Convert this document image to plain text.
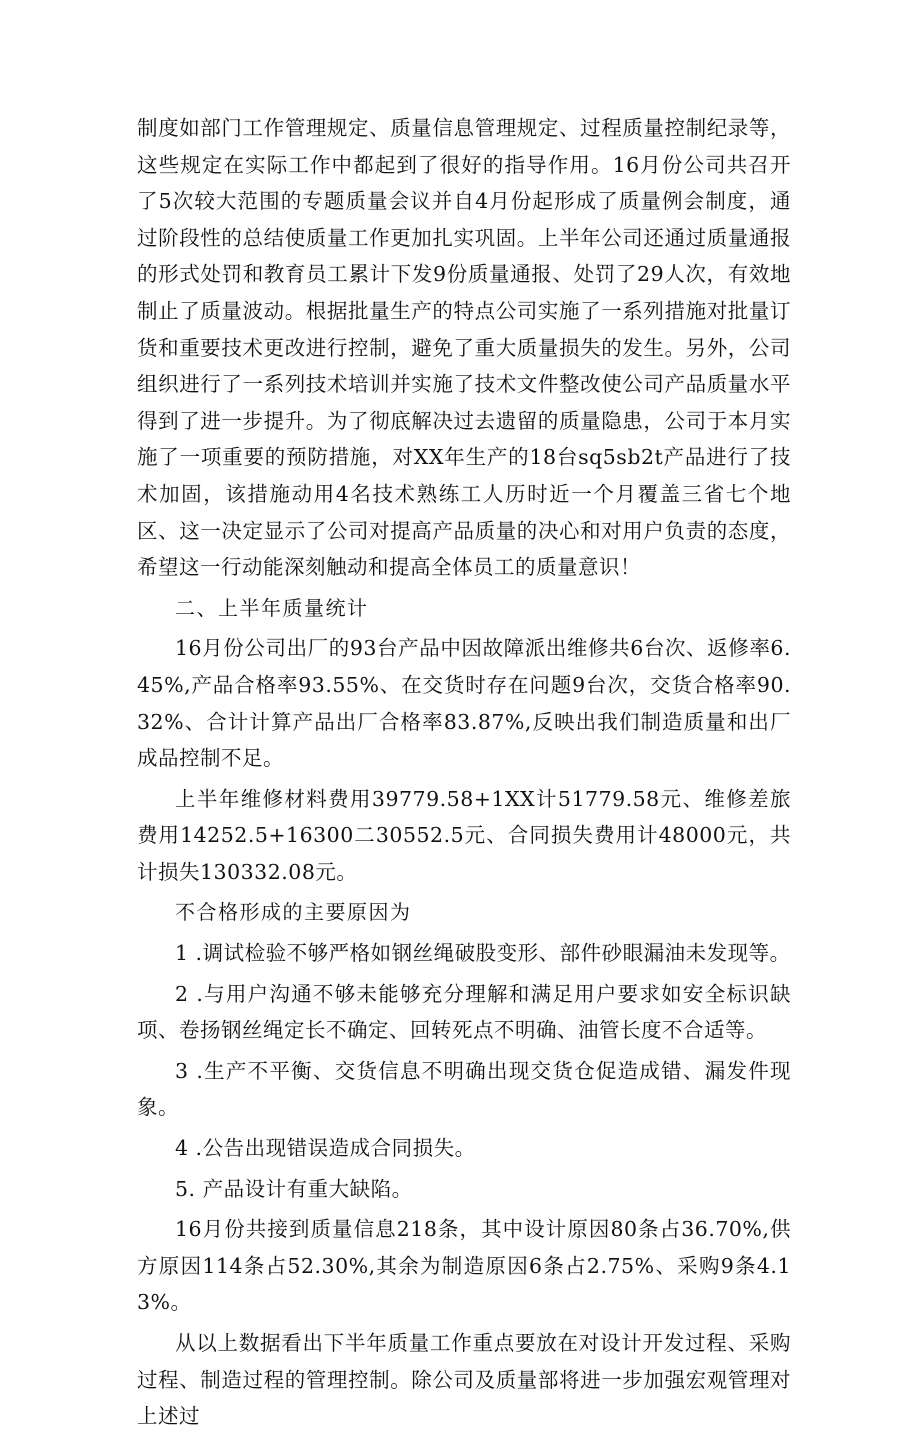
制度如部门工作管理规定、质量信息管理规定、过程质量控制纪录等，这些规定在实际工作中都起到了很好的指导作用。16月份公司共召开了5次较大范围的专题质量会议并自4月份起形成了质量例会制度，通过阶段性的总结使质量工作更加扎实巩固。上半年公司还通过质量通报的形式处罚和教育员工累计下发9份质量通报、处罚了29人次，有效地制止了质量波动。根据批量生产的特点公司实施了一系列措施对批量订货和重要技术更改进行控制，避免了重大质量损失的发生。另外，公司组织进行了一系列技术培训并实施了技术文件整改使公司产品质量水平得到了进一步提升。为了彻底解决过去遗留的质量隐患，公司于本月实施了一项重要的预防措施，对XX年生产的18台sq5sb2t产品进行了技术加固，该措施动用4名技术熟练工人历时近一个月覆盖三省七个地区、这一决定显示了公司对提高产品质量的决心和对用户负责的态度，希望这一行动能深刻触动和提高全体员工的质量意识！

二、上半年质量统计

16月份公司出厂的93台产品中因故障派出维修共6台次、返修率6.45%,产品合格率93.55%、在交货时存在问题9台次，交货合格率90.32%、合计计算产品出厂合格率83.87%,反映出我们制造质量和出厂成品控制不足。

上半年维修材料费用39779.58+1XX计51779.58元、维修差旅费用14252.5+16300二30552.5元、合同损失费用计48000元，共计损失130332.08元。

不合格形成的主要原因为

1 .调试检验不够严格如钢丝绳破股变形、部件砂眼漏油未发现等。

2 .与用户沟通不够未能够充分理解和满足用户要求如安全标识缺项、卷扬钢丝绳定长不确定、回转死点不明确、油管长度不合适等。

3 .生产不平衡、交货信息不明确出现交货仓促造成错、漏发件现象。

4 .公告出现错误造成合同损失。

5. 产品设计有重大缺陷。

16月份共接到质量信息218条，其中设计原因80条占36.70%,供方原因114条占52.30%,其余为制造原因6条占2.75%、采购9条4.13%。

从以上数据看出下半年质量工作重点要放在对设计开发过程、采购过程、制造过程的管理控制。除公司及质量部将进一步加强宏观管理对上述过
